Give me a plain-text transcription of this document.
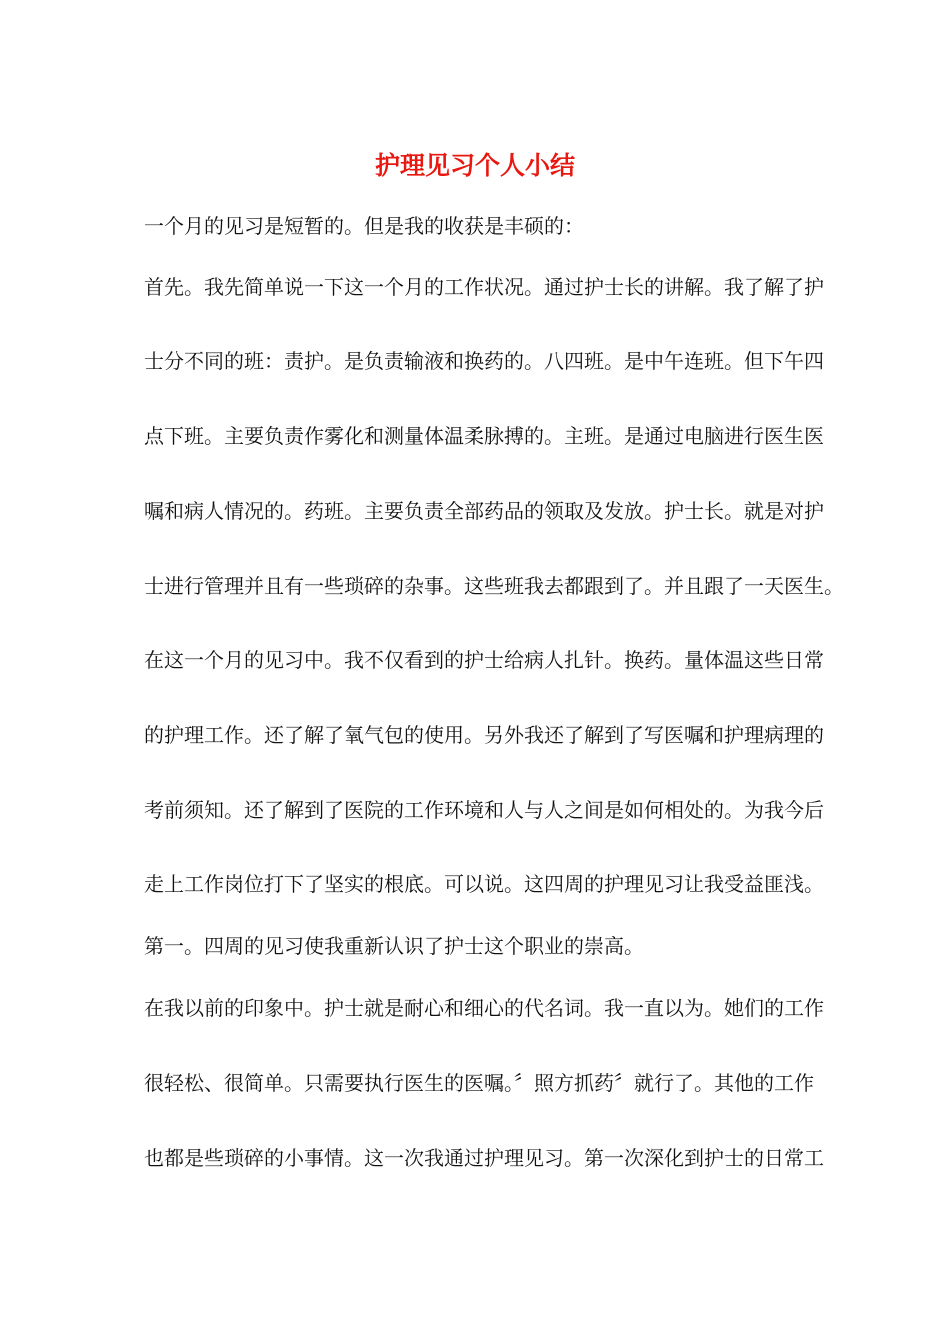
护理见习个人小结
一个月的见习是短暂的。但是我的收获是丰硕的：
首先。我先简单说一下这一个月的工作状况。通过护士长的讲解。我了解了护
士分不同的班：责护。是负责输液和换药的。八四班。是中午连班。但下午四
点下班。主要负责作雾化和测量体温柔脉搏的。主班。是通过电脑进行医生医
嘱和病人情况的。药班。主要负责全部药品的领取及发放。护士长。就是对护
士进行管理并且有一些琐碎的杂事。这些班我去都跟到了。并且跟了一天医生。
在这一个月的见习中。我不仅看到的护士给病人扎针。换药。量体温这些日常
的护理工作。还了解了氧气包的使用。另外我还了解到了写医嘱和护理病理的
考前须知。还了解到了医院的工作环境和人与人之间是如何相处的。为我今后
走上工作岗位打下了坚实的根底。可以说。这四周的护理见习让我受益匪浅。
第一。四周的见习使我重新认识了护士这个职业的崇高。
在我以前的印象中。护士就是耐心和细心的代名词。我一直以为。她们的工作
很轻松、很简单。只需要执行医生的医嘱。〞照方抓药〞就行了。其他的工作
也都是些琐碎的小事情。这一次我通过护理见习。第一次深化到护士的日常工
